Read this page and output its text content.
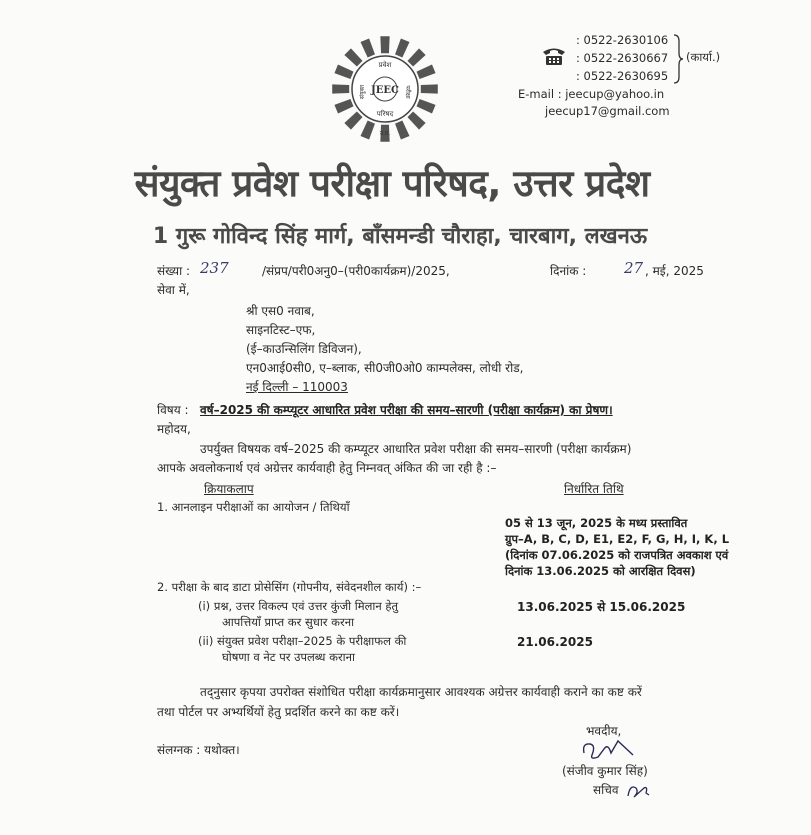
JEEC
प्रवेश
परिषद
संयुक्त	परीक्षा
उ.प्र.
: 0522-2630106
: 0522-2630667
: 0522-2630695
(कार्या.)
E-mail : jeecup@yahoo.in
jeecup17@gmail.com
संयुक्त प्रवेश परीक्षा परिषद, उत्तर प्रदेश
1 गुरू गोविन्द सिंह मार्ग, बाँसमन्डी चौराहा, चारबाग, लखनऊ
संख्या : 237	/संप्रप/परी0अनु0–(परी0कार्यक्रम)/2025,	दिनांक :	27 , मई, 2025
सेवा में,
श्री एस0 नवाब,
साइनटिस्ट–एफ,
(ई–काउन्सिलिंग डिविजन),
एन0आई0सी0, ए–ब्लाक, सी0जी0ओ0 काम्पलेक्स, लोधी रोड,
नई दिल्ली – 110003
विषय : वर्ष–2025 की कम्प्यूटर आधारित प्रवेश परीक्षा की समय–सारणी (परीक्षा कार्यक्रम) का प्रेषण।
महोदय,
उपर्युक्त विषयक वर्ष–2025 की कम्प्यूटर आधारित प्रवेश परीक्षा की समय–सारणी (परीक्षा कार्यक्रम)
आपके अवलोकनार्थ एवं अग्रेत्तर कार्यवाही हेतु निम्नवत् अंकित की जा रही है :–
क्रियाकलाप	निर्धारित तिथि
1. आनलाइन परीक्षाओं का आयोजन / तिथियाँ
05 से 13 जून, 2025 के मध्य प्रस्तावित
ग्रुप–A, B, C, D, E1, E2, F, G, H, I, K, L
(दिनांक 07.06.2025 को राजपत्रित अवकाश एवं
दिनांक 13.06.2025 को आरक्षित दिवस)
2. परीक्षा के बाद डाटा प्रोसेसिंग (गोपनीय, संवेदनशील कार्य) :–
(i) प्रश्न, उत्तर विकल्प एवं उत्तर कुंजी मिलान हेतु
आपत्तियाँ प्राप्त कर सुधार करना
13.06.2025 से 15.06.2025
(ii) संयुक्त प्रवेश परीक्षा–2025 के परीक्षाफल की
घोषणा व नेट पर उपलब्ध कराना
21.06.2025
तद्नुसार कृपया उपरोक्त संशोधित परीक्षा कार्यक्रमानुसार आवश्यक अग्रेत्तर कार्यवाही कराने का कष्ट करें
तथा पोर्टल पर अभ्यर्थियों हेतु प्रदर्शित करने का कष्ट करें।
संलग्नक : यथोक्त।
भवदीय,
(संजीव कुमार सिंह)
सचिव
